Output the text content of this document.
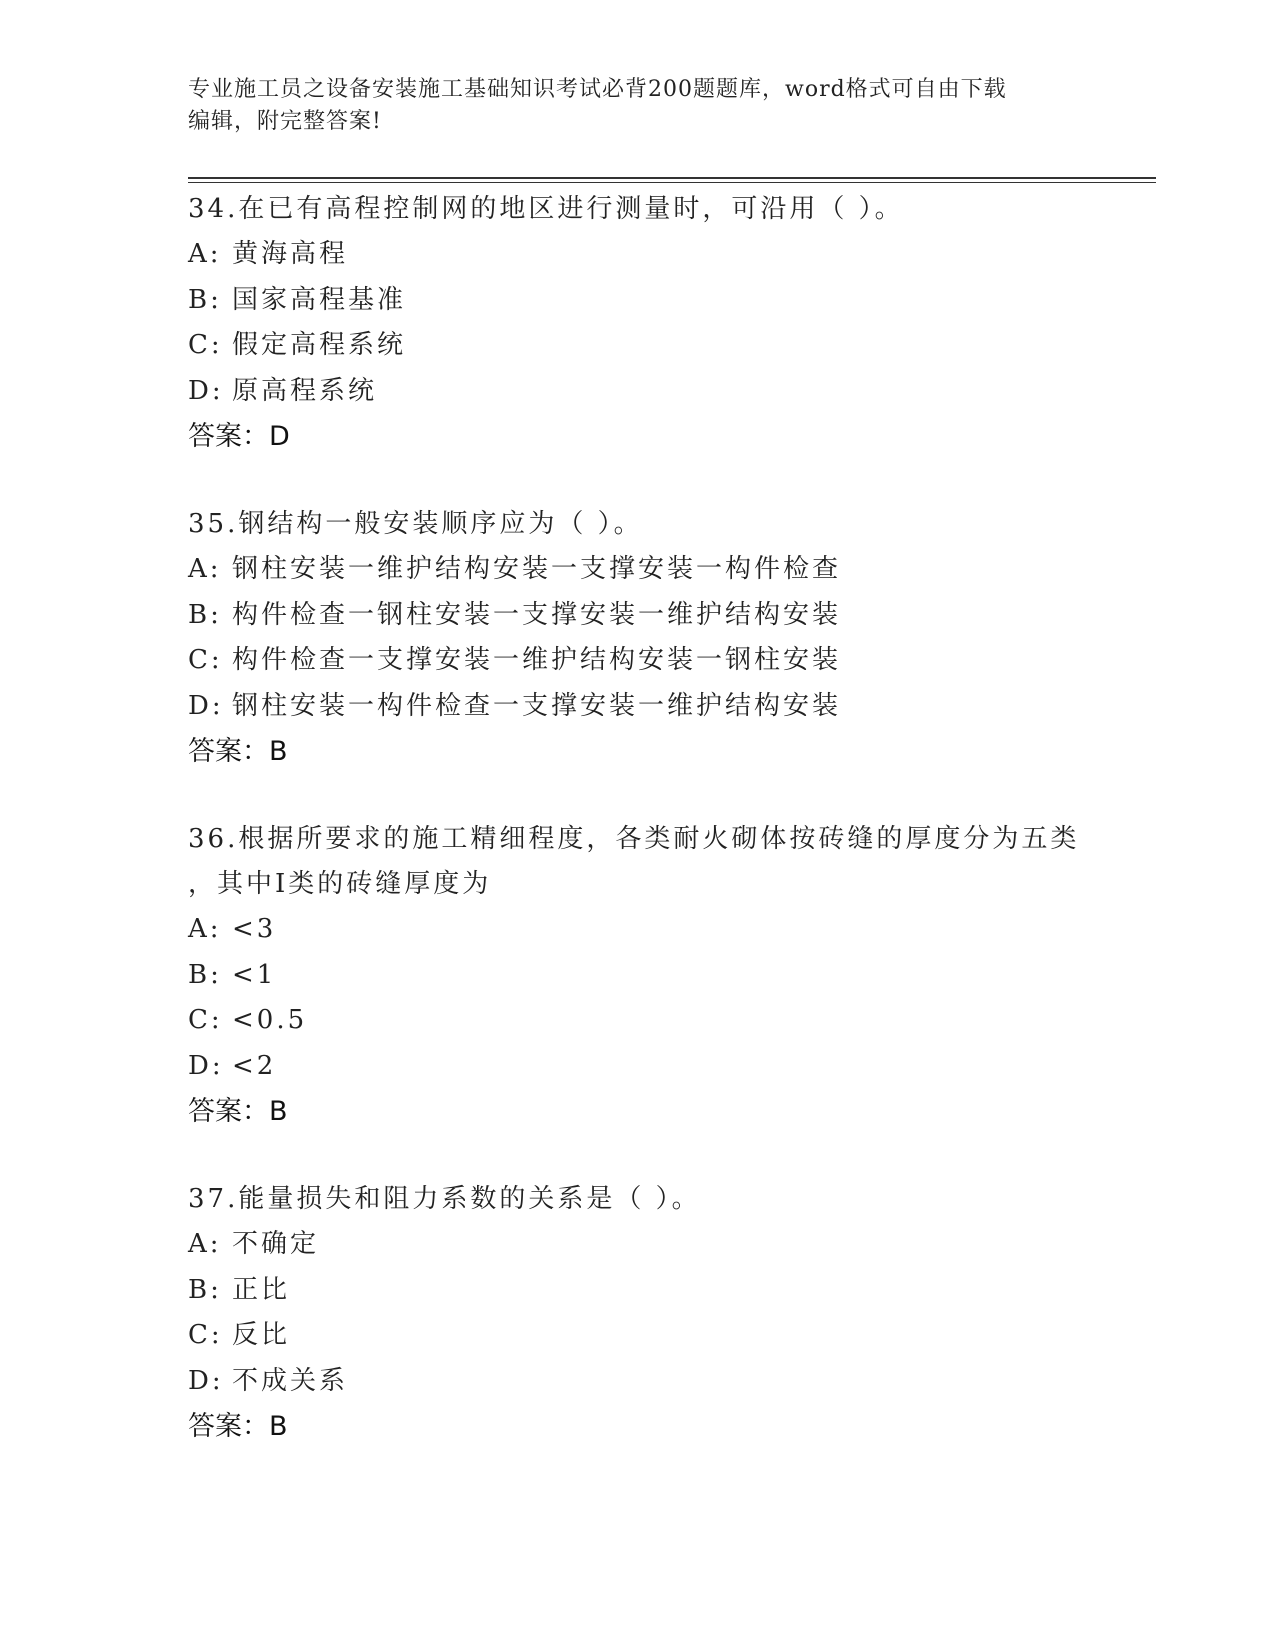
专业施工员之设备安装施工基础知识考试必背200题题库，word格式可自由下载
编辑，附完整答案!
34.在已有高程控制网的地区进行测量时，可沿用（ ）。
A: 黄海高程
B: 国家高程基准
C: 假定高程系统
D: 原高程系统
答案：D
35.钢结构一般安装顺序应为（ ）。
A: 钢柱安装一维护结构安装一支撑安装一构件检查
B: 构件检查一钢柱安装一支撑安装一维护结构安装
C: 构件检查一支撑安装一维护结构安装一钢柱安装
D: 钢柱安装一构件检查一支撑安装一维护结构安装
答案：B
36.根据所要求的施工精细程度，各类耐火砌体按砖缝的厚度分为五类
，其中Ⅰ类的砖缝厚度为
A: <3
B: <1
C: <0.5
D: <2
答案：B
37.能量损失和阻力系数的关系是（ ）。
A: 不确定
B: 正比
C: 反比
D: 不成关系
答案：B
